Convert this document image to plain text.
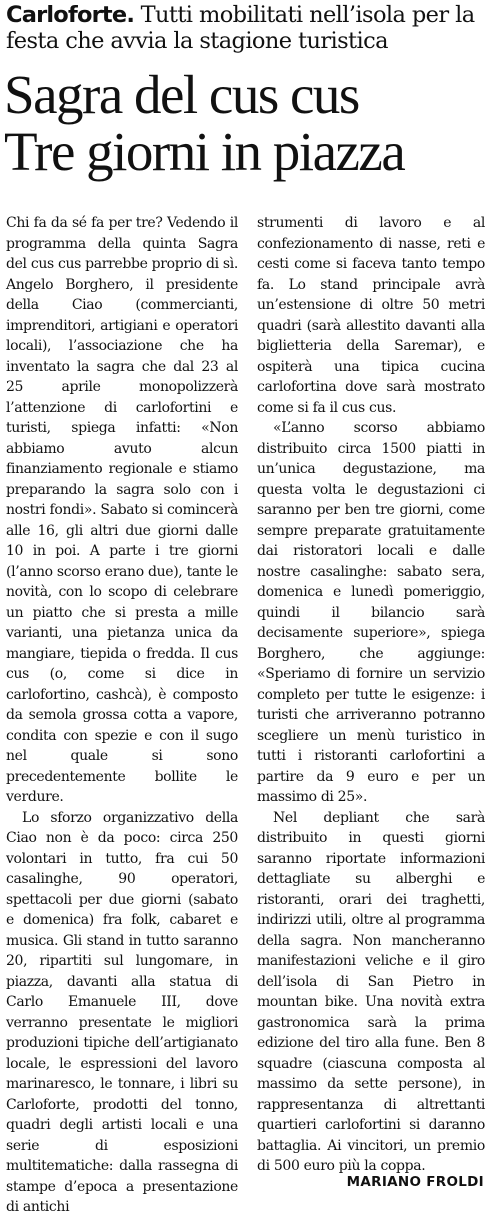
Carloforte. Tutti mobilitati nell’isola per la festa che avvia la stagione turistica
Sagra del cus cus
Tre giorni in piazza

Chi fa da sé fa per tre? Vedendo il programma della quinta Sagra del cus cus parrebbe proprio di sì. Angelo Borghero, il presidente della Ciao (commercianti, imprenditori, artigiani e operatori locali), l’associazione che ha inventato la sagra che dal 23 al 25 aprile monopolizzerà l’attenzione di carlofortini e turisti, spiega infatti: «Non abbiamo avuto alcun finanziamento regionale e stiamo preparando la sagra solo con i nostri fondi». Sabato si comincerà alle 16, gli altri due giorni dalle 10 in poi. A parte i tre giorni (l’anno scorso erano due), tante le novità, con lo scopo di celebrare un piatto che si presta a mille varianti, una pietanza unica da mangiare, tiepida o fredda. Il cus cus (o, come si dice in carlofortino, cashcà), è composto da semola grossa cotta a vapore, condita con spezie e con il sugo nel quale si sono precedentemente bollite le verdure.

Lo sforzo organizzativo della Ciao non è da poco: circa 250 volontari in tutto, fra cui 50 casalinghe, 90 operatori, spettacoli per due giorni (sabato e domenica) fra folk, cabaret e musica. Gli stand in tutto saranno 20, ripartiti sul lungomare, in piazza, davanti alla statua di Carlo Emanuele III, dove verranno presentate le migliori produzioni tipiche dell’artigianato locale, le espressioni del lavoro marinaresco, le tonnare, i libri su Carloforte, prodotti del tonno, quadri degli artisti locali e una serie di esposizioni multitematiche: dalla rassegna di stampe d’epoca a presentazione di antichi

strumenti di lavoro e al confezionamento di nasse, reti e cesti come si faceva tanto tempo fa. Lo stand principale avrà un’estensione di oltre 50 metri quadri (sarà allestito davanti alla biglietteria della Saremar), e ospiterà una tipica cucina carlofortina dove sarà mostrato come si fa il cus cus.

«L’anno scorso abbiamo distribuito circa 1500 piatti in un’unica degustazione, ma questa volta le degustazioni ci saranno per ben tre giorni, come sempre preparate gratuitamente dai ristoratori locali e dalle nostre casalinghe: sabato sera, domenica e lunedì pomeriggio, quindi il bilancio sarà decisamente superiore», spiega Borghero, che aggiunge: «Speriamo di fornire un servizio completo per tutte le esigenze: i turisti che arriveranno potranno scegliere un menù turistico in tutti i ristoranti carlofortini a partire da 9 euro e per un massimo di 25».

Nel depliant che sarà distribuito in questi giorni saranno riportate informazioni dettagliate su alberghi e ristoranti, orari dei traghetti, indirizzi utili, oltre al programma della sagra. Non mancheranno manifestazioni veliche e il giro dell’isola di San Pietro in mountan bike. Una novità extra gastronomica sarà la prima edizione del tiro alla fune. Ben 8 squadre (ciascuna composta al massimo da sette persone), in rappresentanza di altrettanti quartieri carlofortini si daranno battaglia. Ai vincitori, un premio di 500 euro più la coppa.

MARIANO FROLDI
